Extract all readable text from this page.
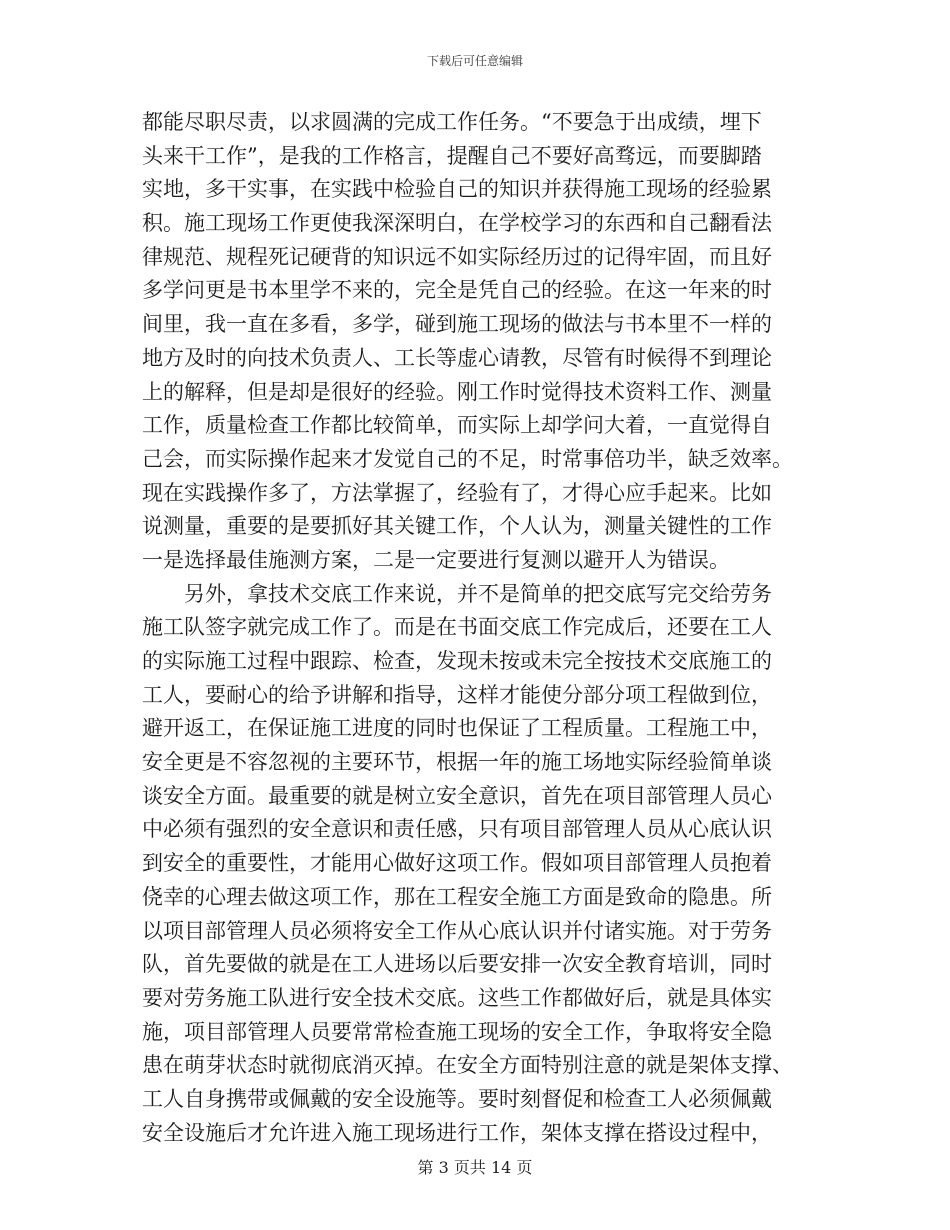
下载后可任意编辑
都能尽职尽责，以求圆满的完成工作任务。“不要急于出成绩，埋下
头来干工作”，是我的工作格言，提醒自己不要好高骛远，而要脚踏
实地，多干实事，在实践中检验自己的知识并获得施工现场的经验累
积。施工现场工作更使我深深明白，在学校学习的东西和自己翻看法
律规范、规程死记硬背的知识远不如实际经历过的记得牢固，而且好
多学问更是书本里学不来的，完全是凭自己的经验。在这一年来的时
间里，我一直在多看，多学，碰到施工现场的做法与书本里不一样的
地方及时的向技术负责人、工长等虚心请教，尽管有时候得不到理论
上的解释，但是却是很好的经验。刚工作时觉得技术资料工作、测量
工作，质量检查工作都比较简单，而实际上却学问大着，一直觉得自
己会，而实际操作起来才发觉自己的不足，时常事倍功半，缺乏效率。
现在实践操作多了，方法掌握了，经验有了，才得心应手起来。比如
说测量，重要的是要抓好其关键工作，个人认为，测量关键性的工作
一是选择最佳施测方案，二是一定要进行复测以避开人为错误。
　　另外，拿技术交底工作来说，并不是简单的把交底写完交给劳务
施工队签字就完成工作了。而是在书面交底工作完成后，还要在工人
的实际施工过程中跟踪、检查，发现未按或未完全按技术交底施工的
工人，要耐心的给予讲解和指导，这样才能使分部分项工程做到位，
避开返工，在保证施工进度的同时也保证了工程质量。工程施工中，
安全更是不容忽视的主要环节，根据一年的施工场地实际经验简单谈
谈安全方面。最重要的就是树立安全意识，首先在项目部管理人员心
中必须有强烈的安全意识和责任感，只有项目部管理人员从心底认识
到安全的重要性，才能用心做好这项工作。假如项目部管理人员抱着
侥幸的心理去做这项工作，那在工程安全施工方面是致命的隐患。所
以项目部管理人员必须将安全工作从心底认识并付诸实施。对于劳务
队，首先要做的就是在工人进场以后要安排一次安全教育培训，同时
要对劳务施工队进行安全技术交底。这些工作都做好后，就是具体实
施，项目部管理人员要常常检查施工现场的安全工作，争取将安全隐
患在萌芽状态时就彻底消灭掉。在安全方面特别注意的就是架体支撑、
工人自身携带或佩戴的安全设施等。要时刻督促和检查工人必须佩戴
安全设施后才允许进入施工现场进行工作，架体支撑在搭设过程中，
第 3 页共 14 页
